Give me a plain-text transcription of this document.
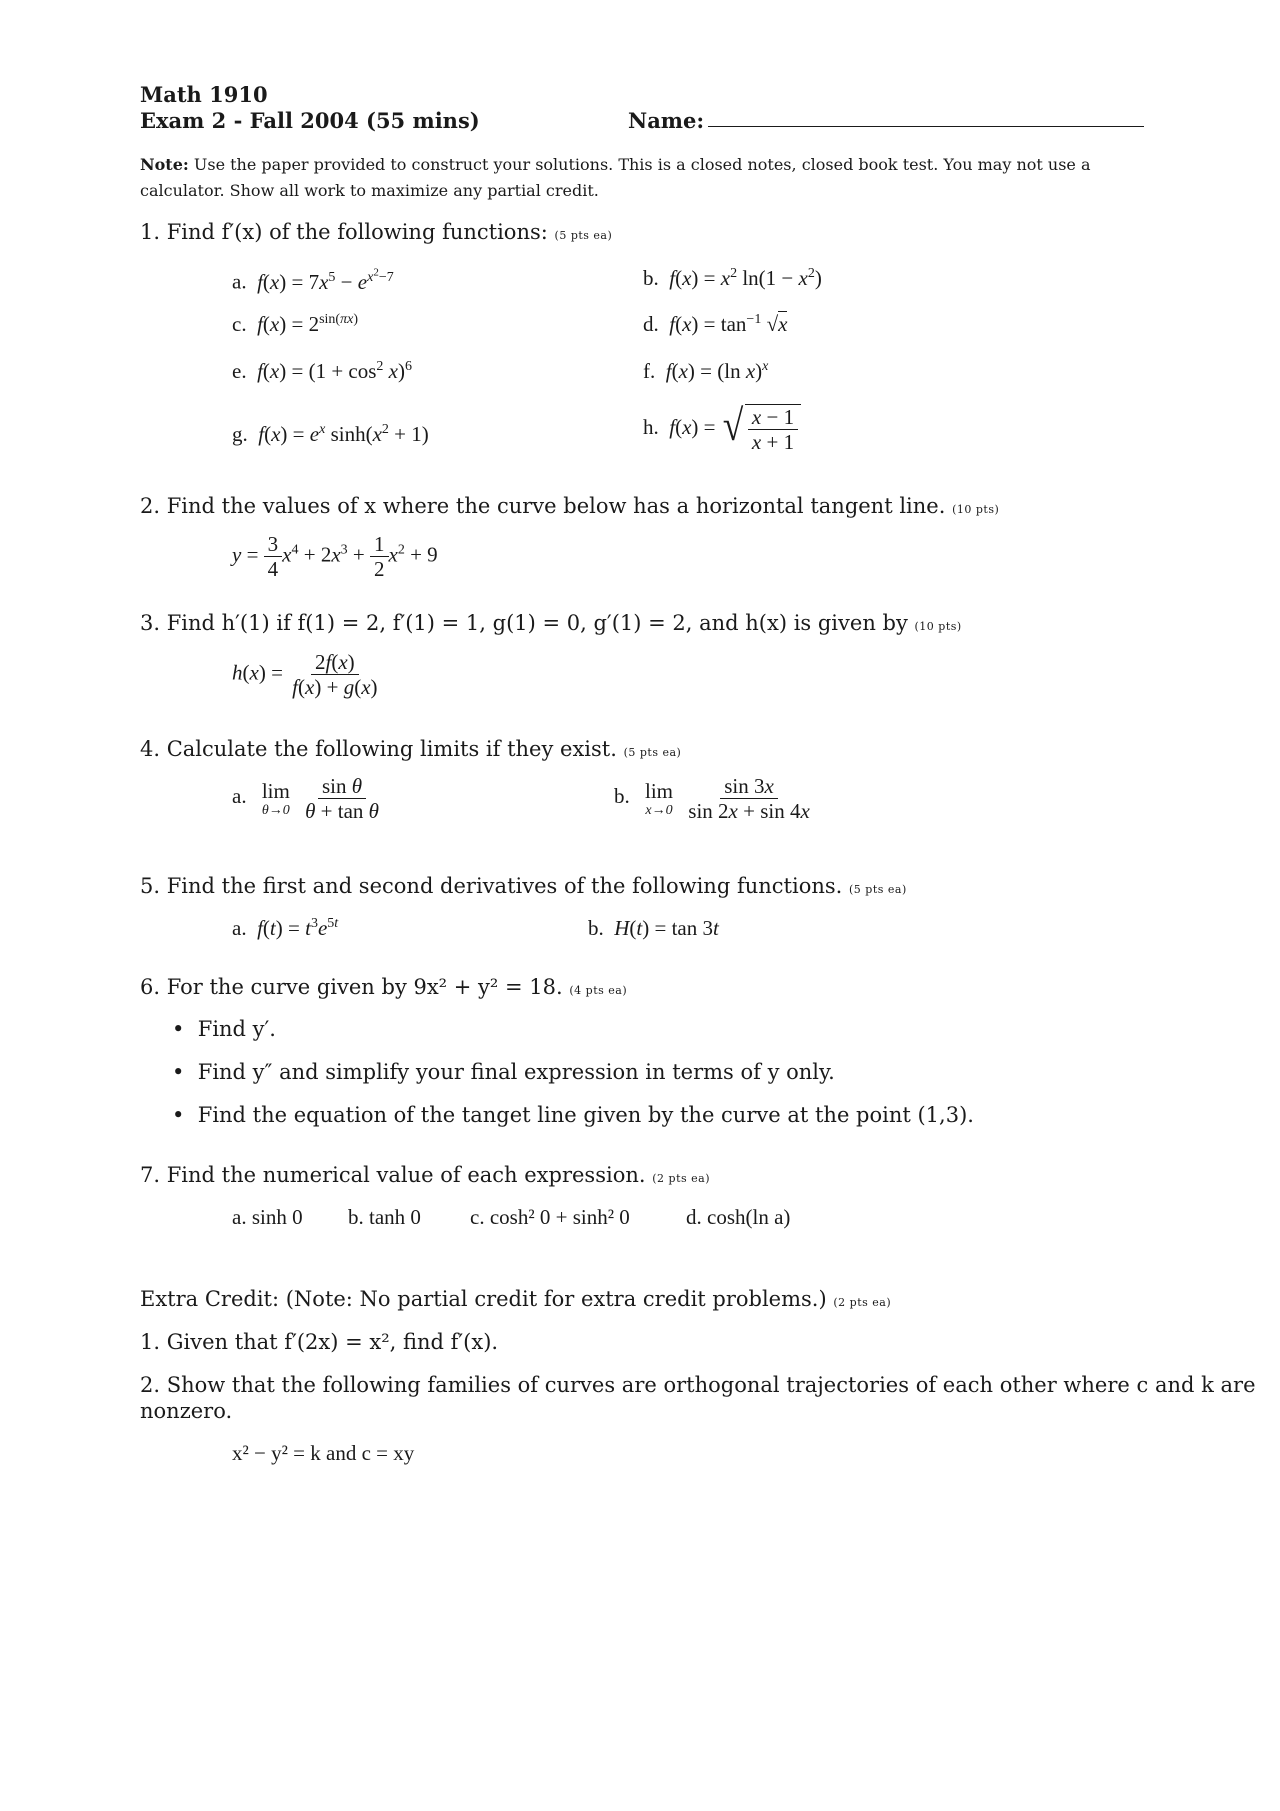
Math 1910
Exam 2 - Fall 2004 (55 mins)	Name:
Note: Use the paper provided to construct your solutions. This is a closed notes, closed book test. You may not use a
calculator. Show all work to maximize any partial credit.
1. Find f′(x) of the following functions: (5 pts ea)
a. $f(x) = 7x^5 - e^{x^2-7}$	b. $f(x) = x^2$ $\ln(1 - x^2)$
c. $f(x) = 2^{sin(\pi x)}$	d. $f(x) = \tan^{-1} √x$
e. $f(x) = (1 + \cos^2 x)^6$	f. f(x) = (ln x)$^x$
g. $f(x) = e^x$ $\sinh(x^2 + 1)$	h. f(x) = √ $\frac{x - 1}{x + 1}$
2. Find the values of x where the curve below has a horizontal tangent line. (10 pts)
$y = \frac{3}{4} x^4 + 2x^3 + \frac{1}{2} x^2 + 9$
3. Find h′(1) if f(1) = 2, f′(1) = 1, g(1) = 0, g′(1) = 2, and h(x) is given by (10 pts)
$h(x) = \frac{2f(x)}{f(x) + g(x)}$
4. Calculate the following limits if they exist. (5 pts ea)
a. lim
θ→0
$\frac{\text{sin θ}}{\text{θ + tan θ}}$	b. lim
x→0
$\frac{\sin 3x}{\sin 2x + \sin 4x}$
5. Find the first and second derivatives of the following functions. (5 pts ea)
a. $f(t) = t^3e^{5t}$	b. H(t) = tan 3t
6. For the curve given by 9x² + y² = 18. (4 pts ea)
•  Find y′.
•  Find y″ and simplify your final expression in terms of y only.
•  Find the equation of the tanget line given by the curve at the point (1,3).
7. Find the numerical value of each expression. (2 pts ea)
a. sinh 0 b. tanh 0 c. cosh² 0 + sinh² 0	d. cosh(ln a)
Extra Credit: (Note: No partial credit for extra credit problems.) (2 pts ea)
1. Given that f′(2x) = x², find f′(x).
2. Show that the following families of curves are orthogonal trajectories of each other where c and k are
nonzero.
x² − y² = k and c = xy
